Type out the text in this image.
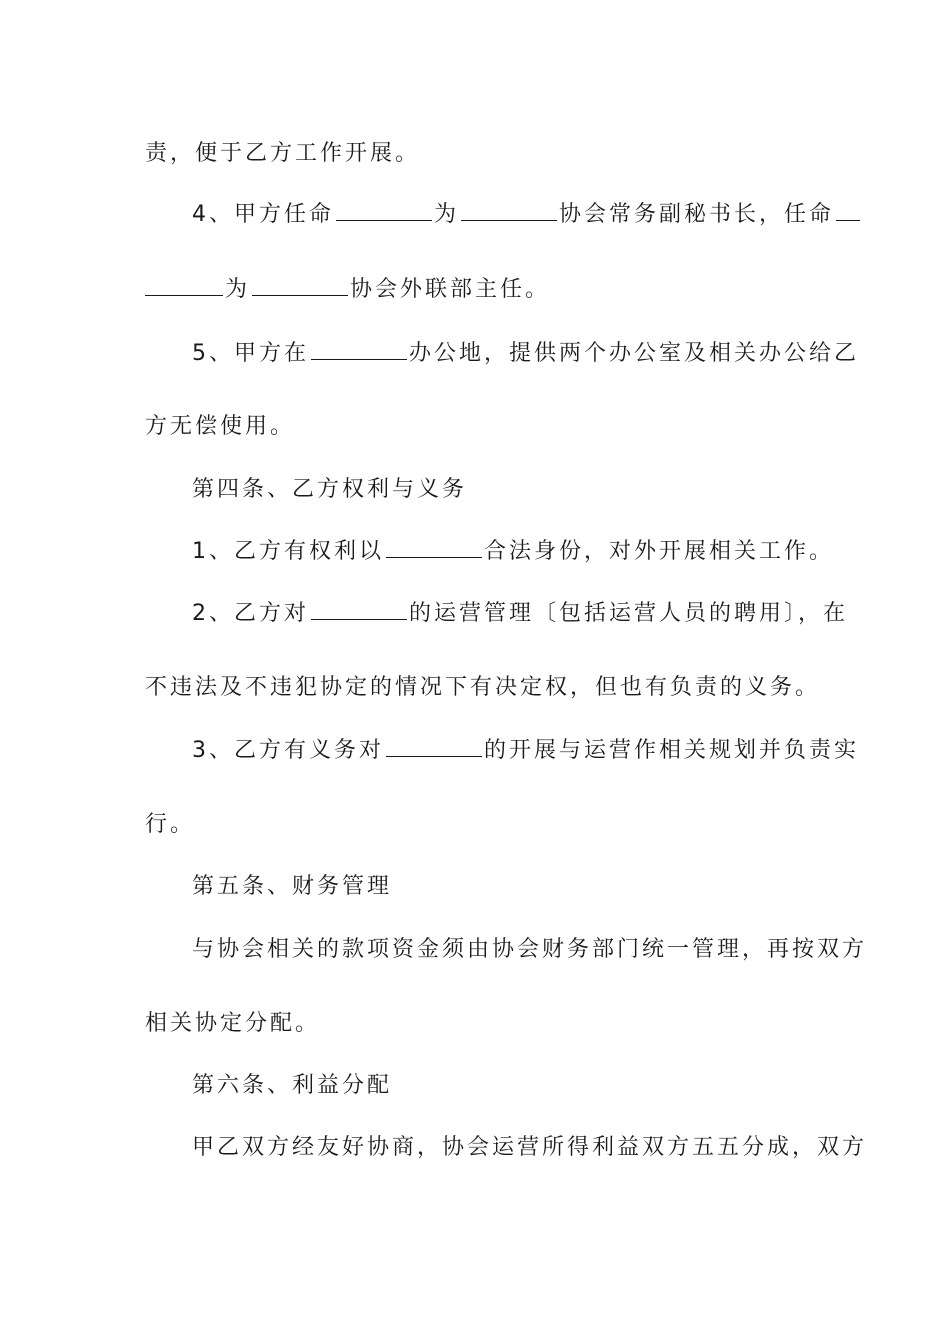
责，便于乙方工作开展。
4、甲方任命	为	协会常务副秘书长，任命
为	协会外联部主任。
5、甲方在	办公地，提供两个办公室及相关办公给乙
方无偿使用。
第四条、乙方权利与义务
1、乙方有权利以	合法身份，对外开展相关工作。
2、乙方对	的运营管理〔包括运营人员的聘用〕，在
不违法及不违犯协定的情况下有决定权，但也有负责的义务。
3、乙方有义务对	的开展与运营作相关规划并负责实
行。
第五条、财务管理
与协会相关的款项资金须由协会财务部门统一管理，再按双方
相关协定分配。
第六条、利益分配
甲乙双方经友好协商，协会运营所得利益双方五五分成，双方
